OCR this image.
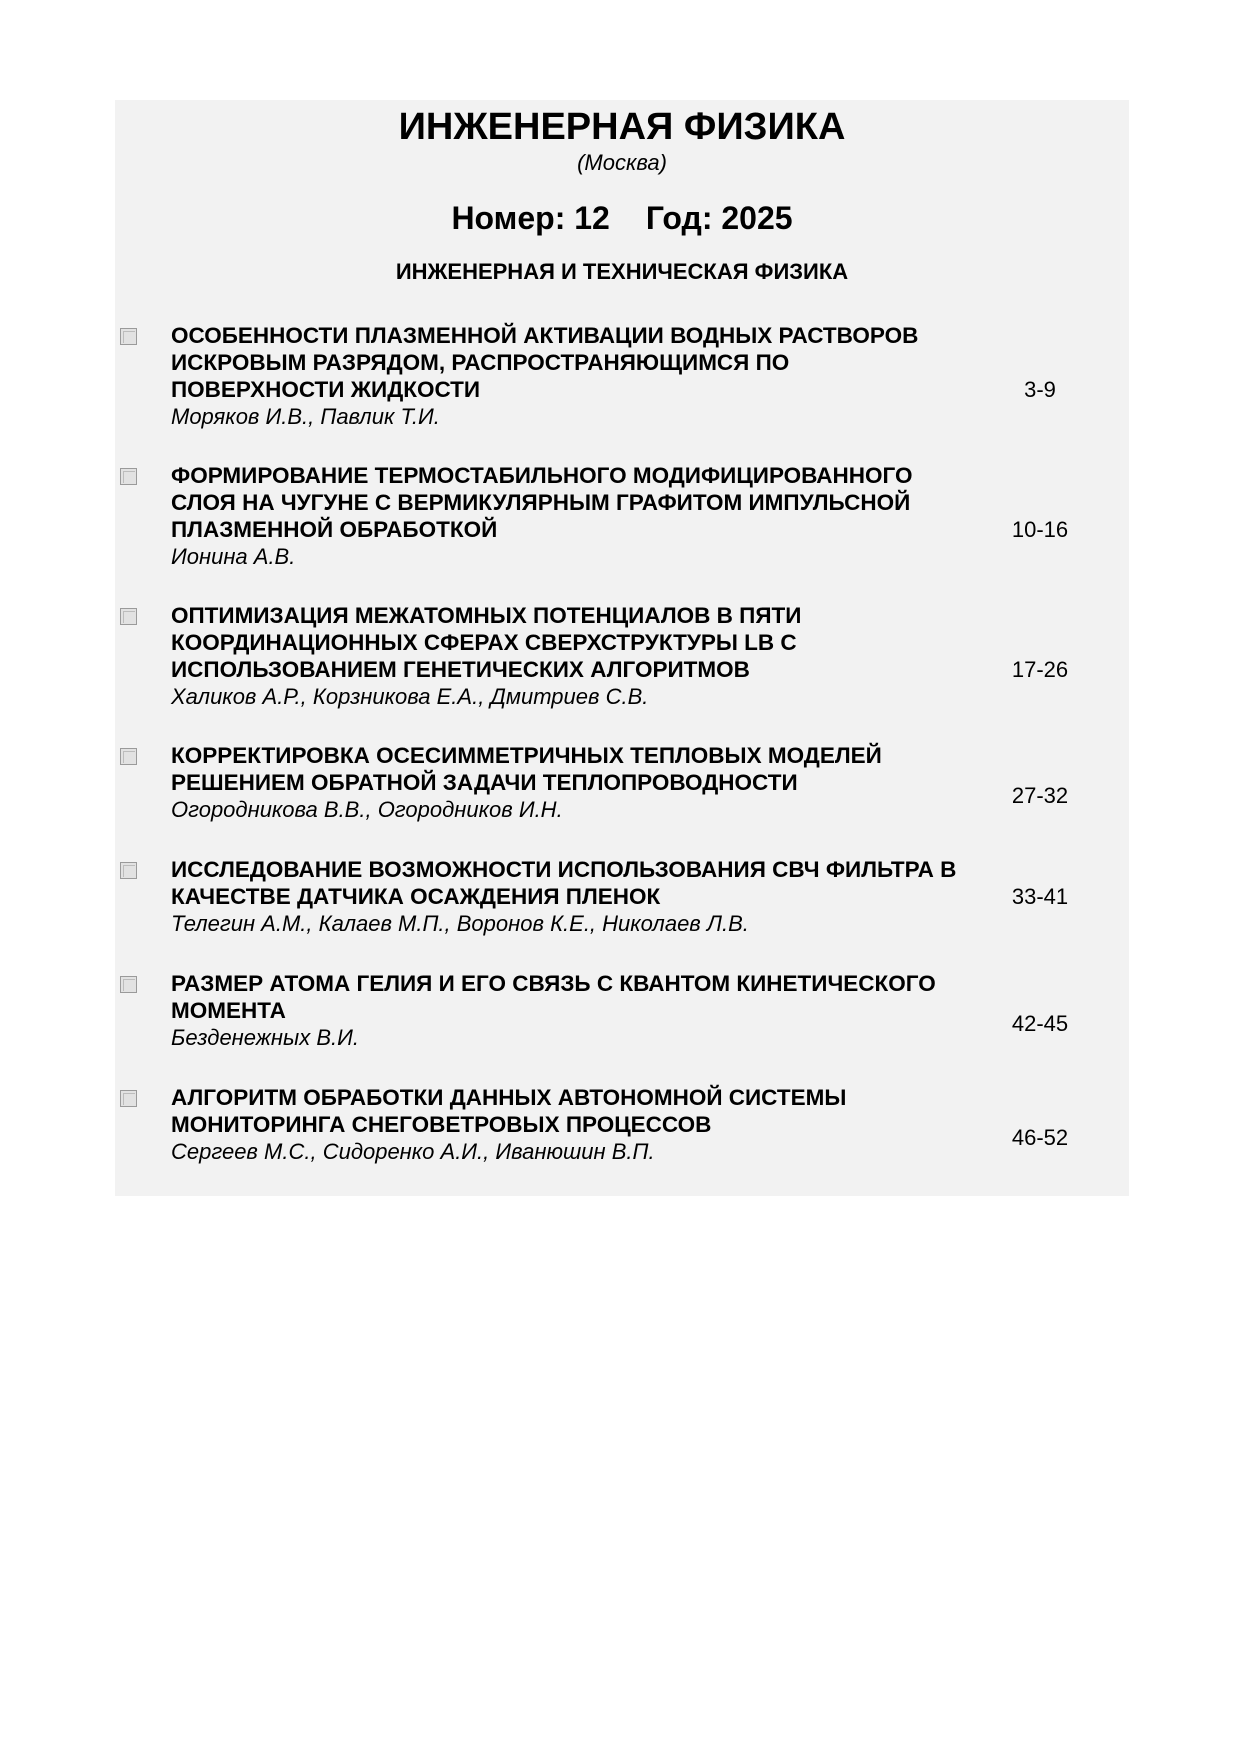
ИНЖЕНЕРНАЯ ФИЗИКА
(Москва)
Номер: 12 Год: 2025
ИНЖЕНЕРНАЯ И ТЕХНИЧЕСКАЯ ФИЗИКА
ОСОБЕННОСТИ ПЛАЗМЕННОЙ АКТИВАЦИИ ВОДНЫХ РАСТВОРОВ ИСКРОВЫМ РАЗРЯДОМ, РАСПРОСТРАНЯЮЩИМСЯ ПО ПОВЕРХНОСТИ ЖИДКОСТИ
Моряков И.В., Павлик Т.И.
3-9
ФОРМИРОВАНИЕ ТЕРМОСТАБИЛЬНОГО МОДИФИЦИРОВАННОГО СЛОЯ НА ЧУГУНЕ С ВЕРМИКУЛЯРНЫМ ГРАФИТОМ ИМПУЛЬСНОЙ ПЛАЗМЕННОЙ ОБРАБОТКОЙ
Ионина А.В.
10-16
ОПТИМИЗАЦИЯ МЕЖАТОМНЫХ ПОТЕНЦИАЛОВ В ПЯТИ КООРДИНАЦИОННЫХ СФЕРАХ СВЕРХСТРУКТУРЫ LB С ИСПОЛЬЗОВАНИЕМ ГЕНЕТИЧЕСКИХ АЛГОРИТМОВ
Халиков А.Р., Корзникова Е.А., Дмитриев С.В.
17-26
КОРРЕКТИРОВКА ОСЕСИММЕТРИЧНЫХ ТЕПЛОВЫХ МОДЕЛЕЙ РЕШЕНИЕМ ОБРАТНОЙ ЗАДАЧИ ТЕПЛОПРОВОДНОСТИ
Огородникова В.В., Огородников И.Н.
27-32
ИССЛЕДОВАНИЕ ВОЗМОЖНОСТИ ИСПОЛЬЗОВАНИЯ СВЧ ФИЛЬТРА В КАЧЕСТВЕ ДАТЧИКА ОСАЖДЕНИЯ ПЛЕНОК
Телегин А.М., Калаев М.П., Воронов К.Е., Николаев Л.В.
33-41
РАЗМЕР АТОМА ГЕЛИЯ И ЕГО СВЯЗЬ С КВАНТОМ КИНЕТИЧЕСКОГО МОМЕНТА
Безденежных В.И.
42-45
АЛГОРИТМ ОБРАБОТКИ ДАННЫХ АВТОНОМНОЙ СИСТЕМЫ МОНИТОРИНГА СНЕГОВЕТРОВЫХ ПРОЦЕССОВ
Сергеев М.С., Сидоренко А.И., Иванюшин В.П.
46-52
